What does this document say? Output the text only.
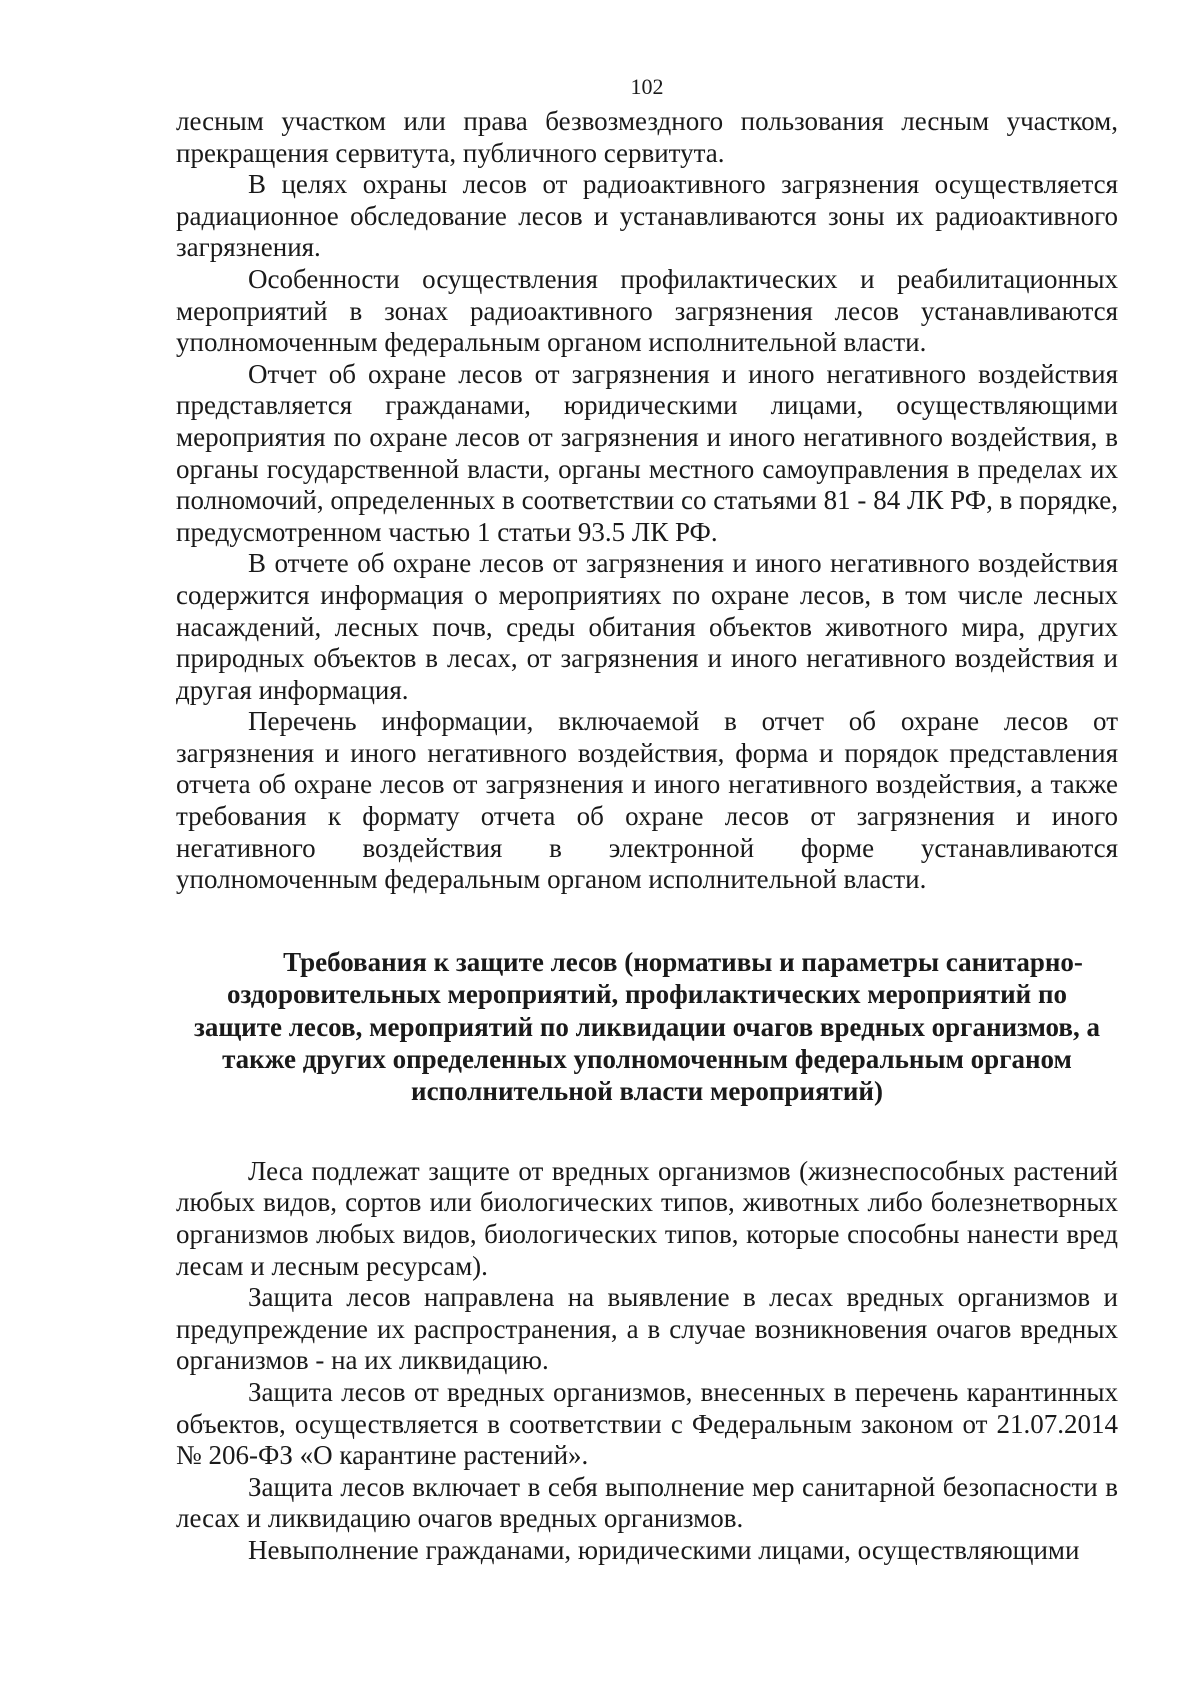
102

лесным участком или права безвозмездного пользования лесным участком, прекращения сервитута, публичного сервитута.

В целях охраны лесов от радиоактивного загрязнения осуществляется радиационное обследование лесов и устанавливаются зоны их радиоактивного загрязнения.

Особенности осуществления профилактических и реабилитационных мероприятий в зонах радиоактивного загрязнения лесов устанавливаются уполномоченным федеральным органом исполнительной власти.

Отчет об охране лесов от загрязнения и иного негативного воздействия представляется гражданами, юридическими лицами, осуществляющими мероприятия по охране лесов от загрязнения и иного негативного воздействия, в органы государственной власти, органы местного самоуправления в пределах их полномочий, определенных в соответствии со статьями 81 - 84 ЛК РФ, в порядке, предусмотренном частью 1 статьи 93.5 ЛК РФ.

В отчете об охране лесов от загрязнения и иного негативного воздействия содержится информация о мероприятиях по охране лесов, в том числе лесных насаждений, лесных почв, среды обитания объектов животного мира, других природных объектов в лесах, от загрязнения и иного негативного воздействия и другая информация.

Перечень информации, включаемой в отчет об охране лесов от загрязнения и иного негативного воздействия, форма и порядок представления отчета об охране лесов от загрязнения и иного негативного воздействия, а также требования к формату отчета об охране лесов от загрязнения и иного негативного воздействия в электронной форме устанавливаются уполномоченным федеральным органом исполнительной власти.

Требования к защите лесов (нормативы и параметры санитарно-оздоровительных мероприятий, профилактических мероприятий по защите лесов, мероприятий по ликвидации очагов вредных организмов, а также других определенных уполномоченным федеральным органом исполнительной власти мероприятий)

Леса подлежат защите от вредных организмов (жизнеспособных растений любых видов, сортов или биологических типов, животных либо болезнетворных организмов любых видов, биологических типов, которые способны нанести вред лесам и лесным ресурсам).

Защита лесов направлена на выявление в лесах вредных организмов и предупреждение их распространения, а в случае возникновения очагов вредных организмов - на их ликвидацию.

Защита лесов от вредных организмов, внесенных в перечень карантинных объектов, осуществляется в соответствии с Федеральным законом от 21.07.2014 № 206-ФЗ «О карантине растений».

Защита лесов включает в себя выполнение мер санитарной безопасности в лесах и ликвидацию очагов вредных организмов.

Невыполнение гражданами, юридическими лицами, осуществляющими
